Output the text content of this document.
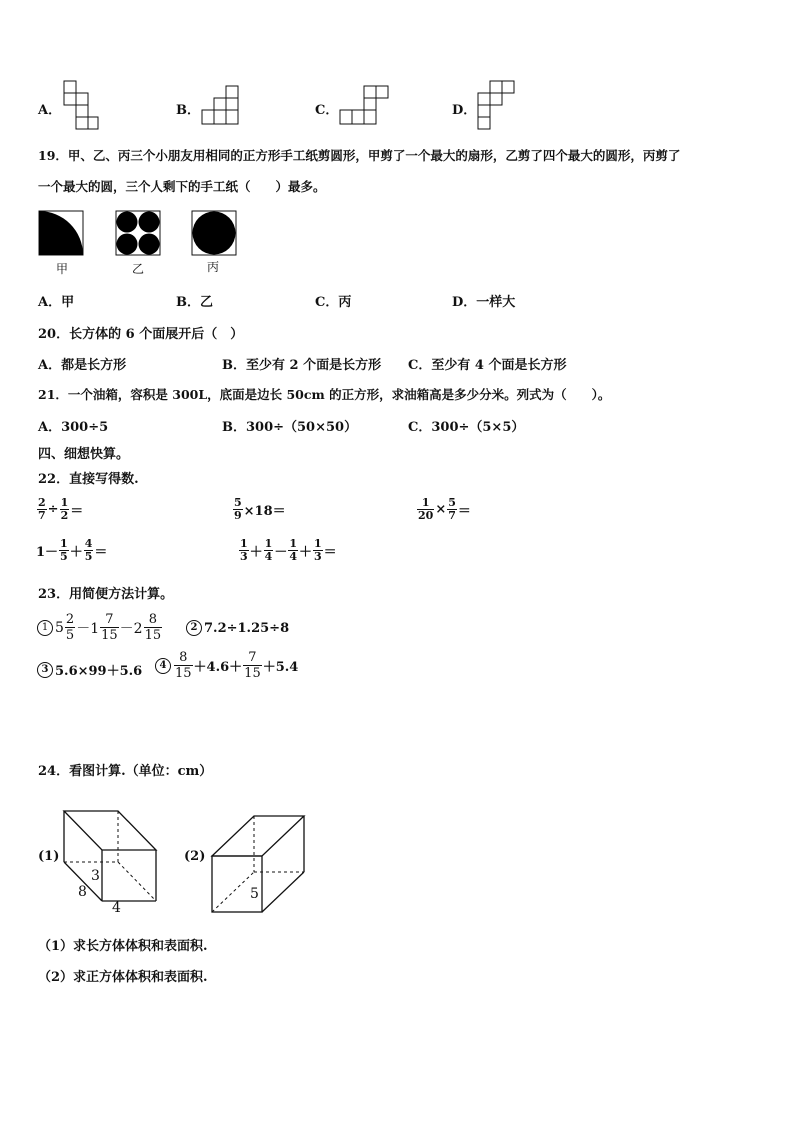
A．	B．	C．	D．
19．甲、乙、丙三个小朋友用相同的正方形手工纸剪圆形，甲剪了一个最大的扇形，乙剪了四个最大的圆形，丙剪了
一个最大的圆，三个人剩下的手工纸（　　）最多。
甲	乙	丙
A．甲	B．乙	C．丙	D．一样大
20．长方体的 6 个面展开后（　）
A．都是长方形	B．至少有 2 个面是长方形 C．至少有 4 个面是长方形
21．一个油箱，容积是 300L，底面是边长 50cm 的正方形，求油箱高是多少分米。列式为（　　）。
A．300÷5	B．300÷（50×50）	C．300÷（5×5）
四、细想快算。
22．直接写得数.
$\frac{2}{7} \div \frac{1}{2}$ ＝	$\frac{5}{9} \times 18=$	$\frac{1}{20} \times \frac{5}{7}$ ＝
$1- \frac{1}{5} + \frac{4}{5}$ ＝	$\frac{1}{3} + \frac{1}{4} - \frac{1}{4} + \frac{1}{3}$ ＝
23．用简便方法计算。
1 $5 \frac{2}{5} -1 \frac{7}{15} -2 \frac{8}{15}$	2 7.2÷1.25÷8
3 5.6×99＋5.6	$4 \frac{8}{15} +4.6+ \frac{7}{15} +5.4$
24．看图计算.（单位：cm）
(1)
3
8
4
(2)
5
（1）求长方体体积和表面积.
（2）求正方体体积和表面积.
